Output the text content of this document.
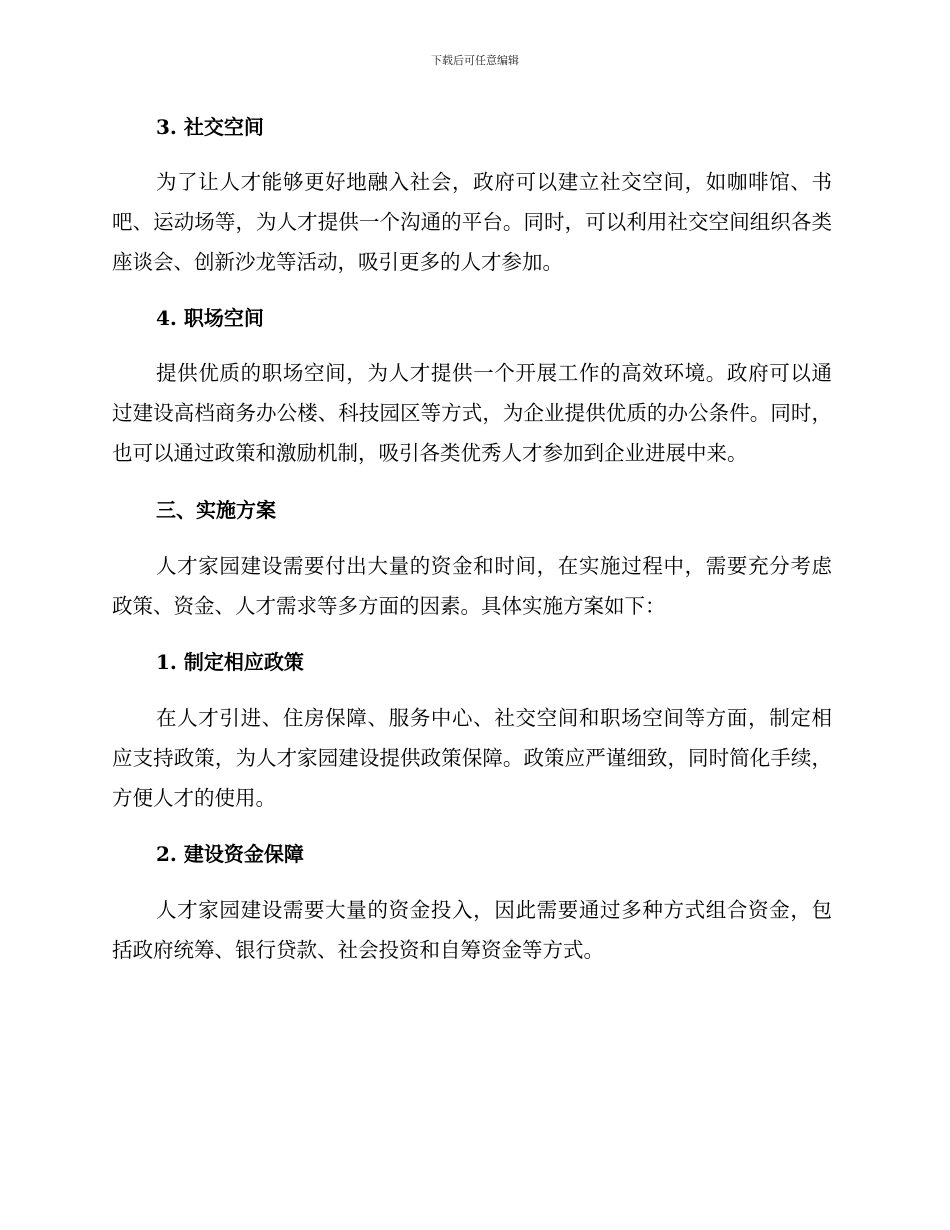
下载后可任意编辑
3. 社交空间

为了让人才能够更好地融入社会，政府可以建立社交空间，如咖啡馆、书吧、运动场等，为人才提供一个沟通的平台。同时，可以利用社交空间组织各类座谈会、创新沙龙等活动，吸引更多的人才参加。

4. 职场空间

提供优质的职场空间，为人才提供一个开展工作的高效环境。政府可以通过建设高档商务办公楼、科技园区等方式，为企业提供优质的办公条件。同时，也可以通过政策和激励机制，吸引各类优秀人才参加到企业进展中来。

三、实施方案

人才家园建设需要付出大量的资金和时间，在实施过程中，需要充分考虑政策、资金、人才需求等多方面的因素。具体实施方案如下：

1. 制定相应政策

在人才引进、住房保障、服务中心、社交空间和职场空间等方面，制定相应支持政策，为人才家园建设提供政策保障。政策应严谨细致，同时简化手续，方便人才的使用。

2. 建设资金保障

人才家园建设需要大量的资金投入，因此需要通过多种方式组合资金，包括政府统筹、银行贷款、社会投资和自筹资金等方式。
